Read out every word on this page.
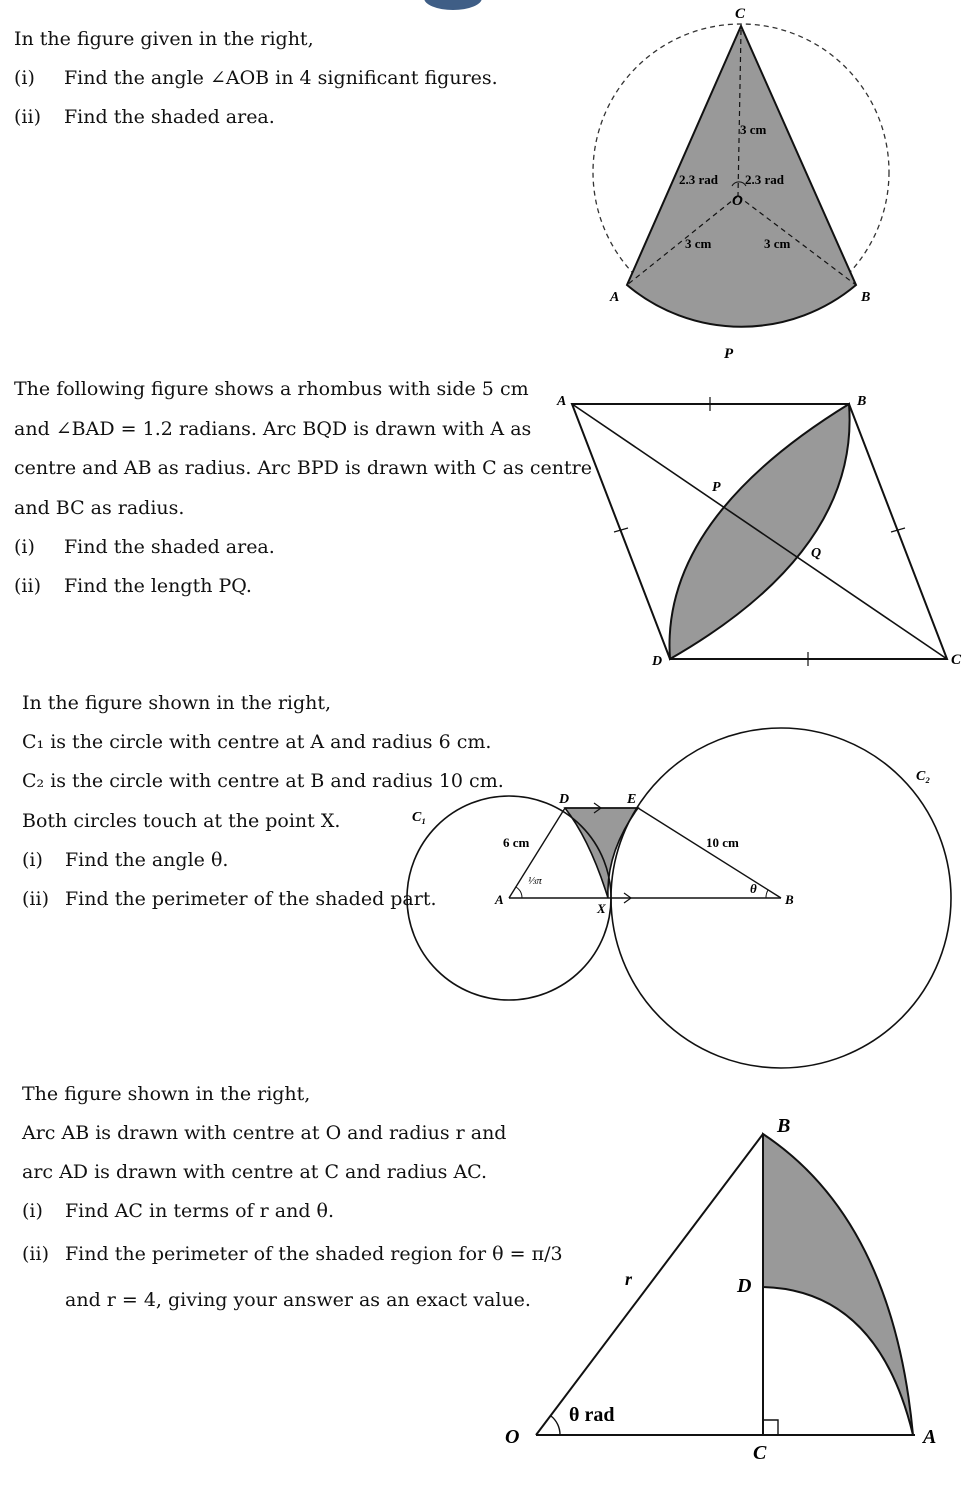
In the figure given in the right,
(i) Find the angle ∠AOB in 4 significant figures.
(ii) Find the shaded area.
The following figure shows a rhombus with side 5 cm
and ∠BAD = 1.2 radians. Arc BQD is drawn with A as
centre and AB as radius. Arc BPD is drawn with C as centre
and BC as radius.
(i) Find the shaded area.
(ii) Find the length PQ.
In the figure shown in the right,
C₁ is the circle with centre at A and radius 6 cm.
C₂ is the circle with centre at B and radius 10 cm.
Both circles touch at the point X.
(i) Find the angle θ.
(ii) Find the perimeter of the shaded part.
The figure shown in the right,
Arc AB is drawn with centre at O and radius r and
arc AD is drawn with centre at C and radius AC.
(i) Find AC in terms of r and θ.
(ii) Find the perimeter of the shaded region for θ = π/3
and r = 4, giving your answer as an exact value.
C
O
A	B
P
3 cm
2.3 rad 2.3 rad
3 cm	3 cm
A	B
C
D
P
Q
C₁
C₂
A	B
D	E
X
θ
6 cm	10 cm
⅓π
B
D
C
A
O
r
θ rad
